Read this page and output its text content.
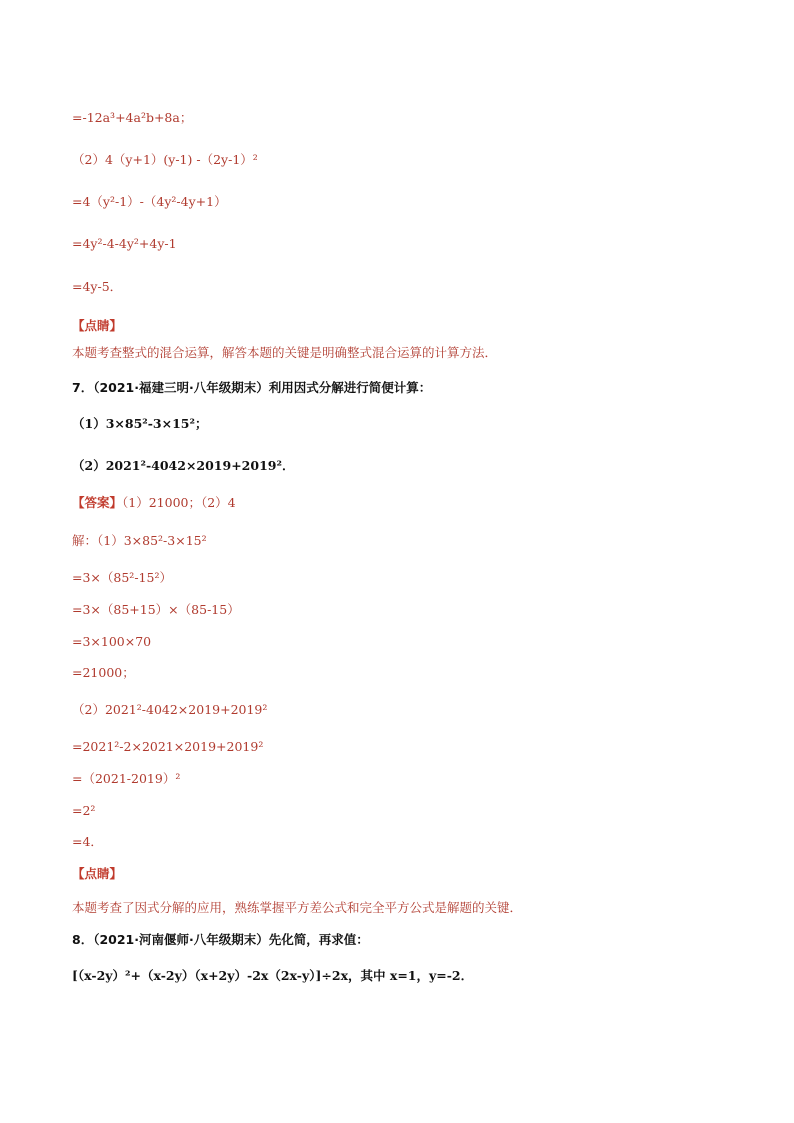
=-12a³+4a²b+8a；
（2）4（y+1）(y-1) -（2y-1）²
=4（y²-1）-（4y²-4y+1）
=4y²-4-4y²+4y-1
=4y-5．
【点睛】
本题考查整式的混合运算，解答本题的关键是明确整式混合运算的计算方法．
7．（2021·福建三明·八年级期末）利用因式分解进行简便计算：
（1）3×85²-3×15²；
（2）2021²-4042×2019+2019²．
【答案】（1）21000；（2）4
解：（1）3×85²-3×15²
=3×（85²-15²）
=3×（85+15）×（85-15）
=3×100×70
=21000；
（2）2021²-4042×2019+2019²
=2021²-2×2021×2019+2019²
=（2021-2019）²
=2²
=4．
【点睛】
本题考查了因式分解的应用，熟练掌握平方差公式和完全平方公式是解题的关键．
8．（2021·河南偃师·八年级期末）先化简，再求值：
[（x-2y）²+（x-2y）（x+2y）-2x（2x-y）]÷2x，其中 x=1，y=-2．
